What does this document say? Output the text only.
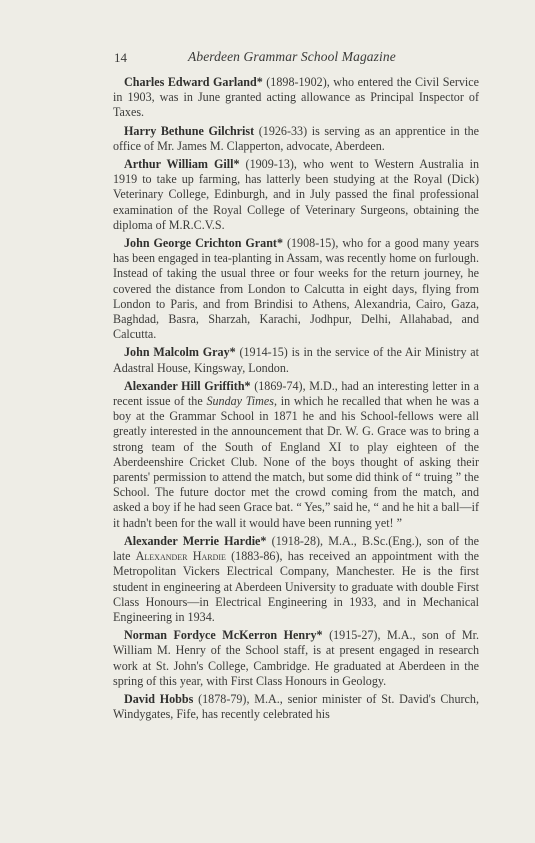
14	Aberdeen Grammar School Magazine

Charles Edward Garland* (1898-1902), who entered the Civil Service in 1903, was in June granted acting allowance as Principal Inspector of Taxes.

Harry Bethune Gilchrist (1926-33) is serving as an apprentice in the office of Mr. James M. Clapperton, advocate, Aberdeen.

Arthur William Gill* (1909-13), who went to Western Australia in 1919 to take up farming, has latterly been studying at the Royal (Dick) Veterinary College, Edinburgh, and in July passed the final professional examination of the Royal College of Veterinary Surgeons, obtaining the diploma of M.R.C.V.S.

John George Crichton Grant* (1908-15), who for a good many years has been engaged in tea-planting in Assam, was recently home on furlough. Instead of taking the usual three or four weeks for the return journey, he covered the distance from London to Calcutta in eight days, flying from London to Paris, and from Brindisi to Athens, Alexandria, Cairo, Gaza, Baghdad, Basra, Sharzah, Karachi, Jodhpur, Delhi, Allahabad, and Calcutta.

John Malcolm Gray* (1914-15) is in the service of the Air Ministry at Adastral House, Kingsway, London.

Alexander Hill Griffith* (1869-74), M.D., had an interesting letter in a recent issue of the Sunday Times, in which he recalled that when he was a boy at the Grammar School in 1871 he and his School-fellows were all greatly interested in the announcement that Dr. W. G. Grace was to bring a strong team of the South of England XI to play eighteen of the Aberdeenshire Cricket Club. None of the boys thought of asking their parents' permission to attend the match, but some did think of “ truing ” the School. The future doctor met the crowd coming from the match, and asked a boy if he had seen Grace bat. “ Yes,” said he, “ and he hit a ball—if it hadn't been for the wall it would have been running yet! ”

Alexander Merrie Hardie* (1918-28), M.A., B.Sc.(Eng.), son of the late Alexander Hardie (1883-86), has received an appointment with the Metropolitan Vickers Electrical Company, Manchester. He is the first student in engineering at Aberdeen University to graduate with double First Class Honours—in Electrical Engineering in 1933, and in Mechanical Engineering in 1934.

Norman Fordyce McKerron Henry* (1915-27), M.A., son of Mr. William M. Henry of the School staff, is at present engaged in research work at St. John's College, Cambridge. He graduated at Aberdeen in the spring of this year, with First Class Honours in Geology.

David Hobbs (1878-79), M.A., senior minister of St. David's Church, Windygates, Fife, has recently celebrated his
